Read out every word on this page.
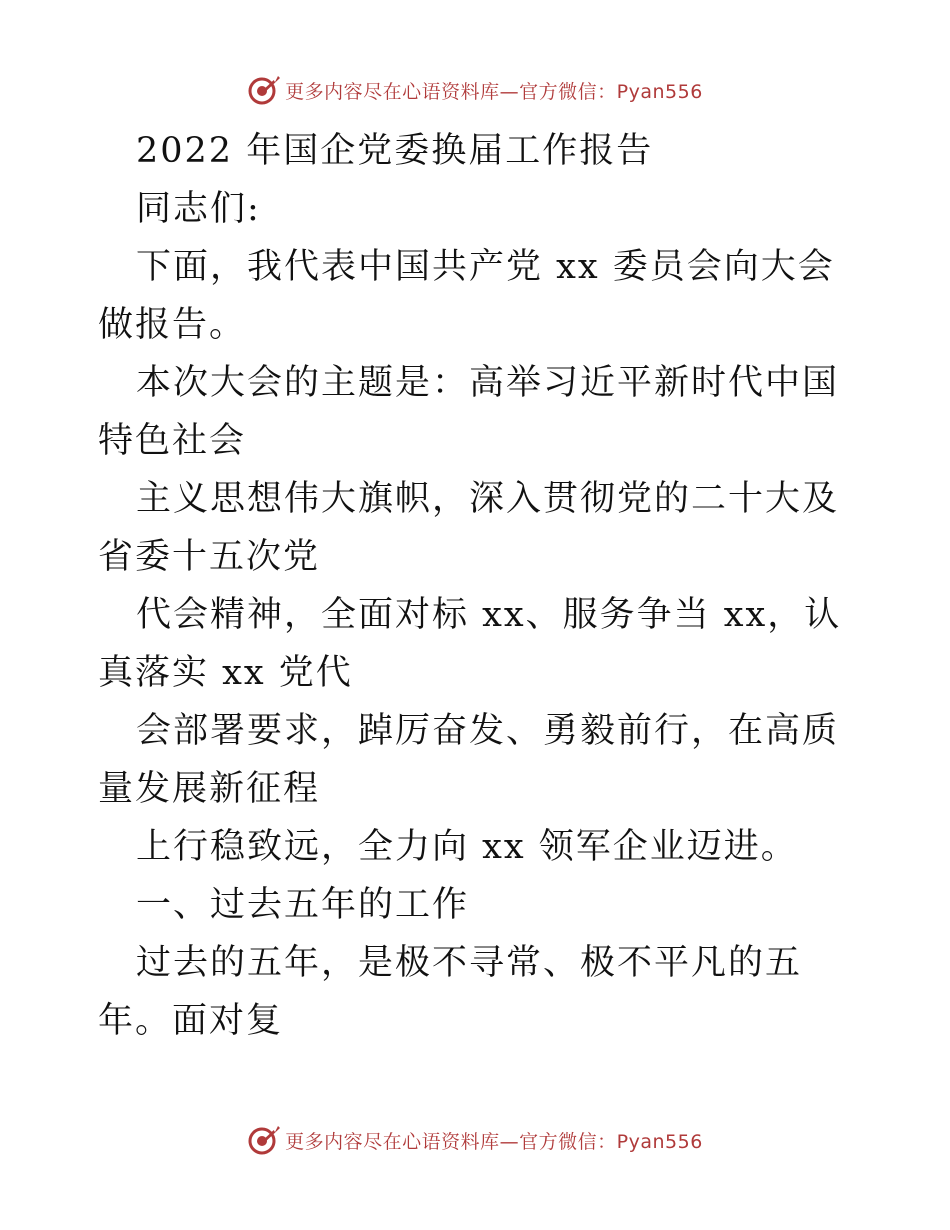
更多内容尽在心语资料库—官方微信：Pyan556

2022 年国企党委换届工作报告

同志们:

下面，我代表中国共产党 xx 委员会向大会做报告。

本次大会的主题是：高举习近平新时代中国特色社会

主义思想伟大旗帜，深入贯彻党的二十大及省委十五次党

代会精神，全面对标 xx、服务争当 xx，认真落实 xx 党代

会部署要求，踔厉奋发、勇毅前行，在高质量发展新征程

上行稳致远，全力向 xx 领军企业迈进。

一、过去五年的工作

过去的五年，是极不寻常、极不平凡的五年。面对复

更多内容尽在心语资料库—官方微信：Pyan556
